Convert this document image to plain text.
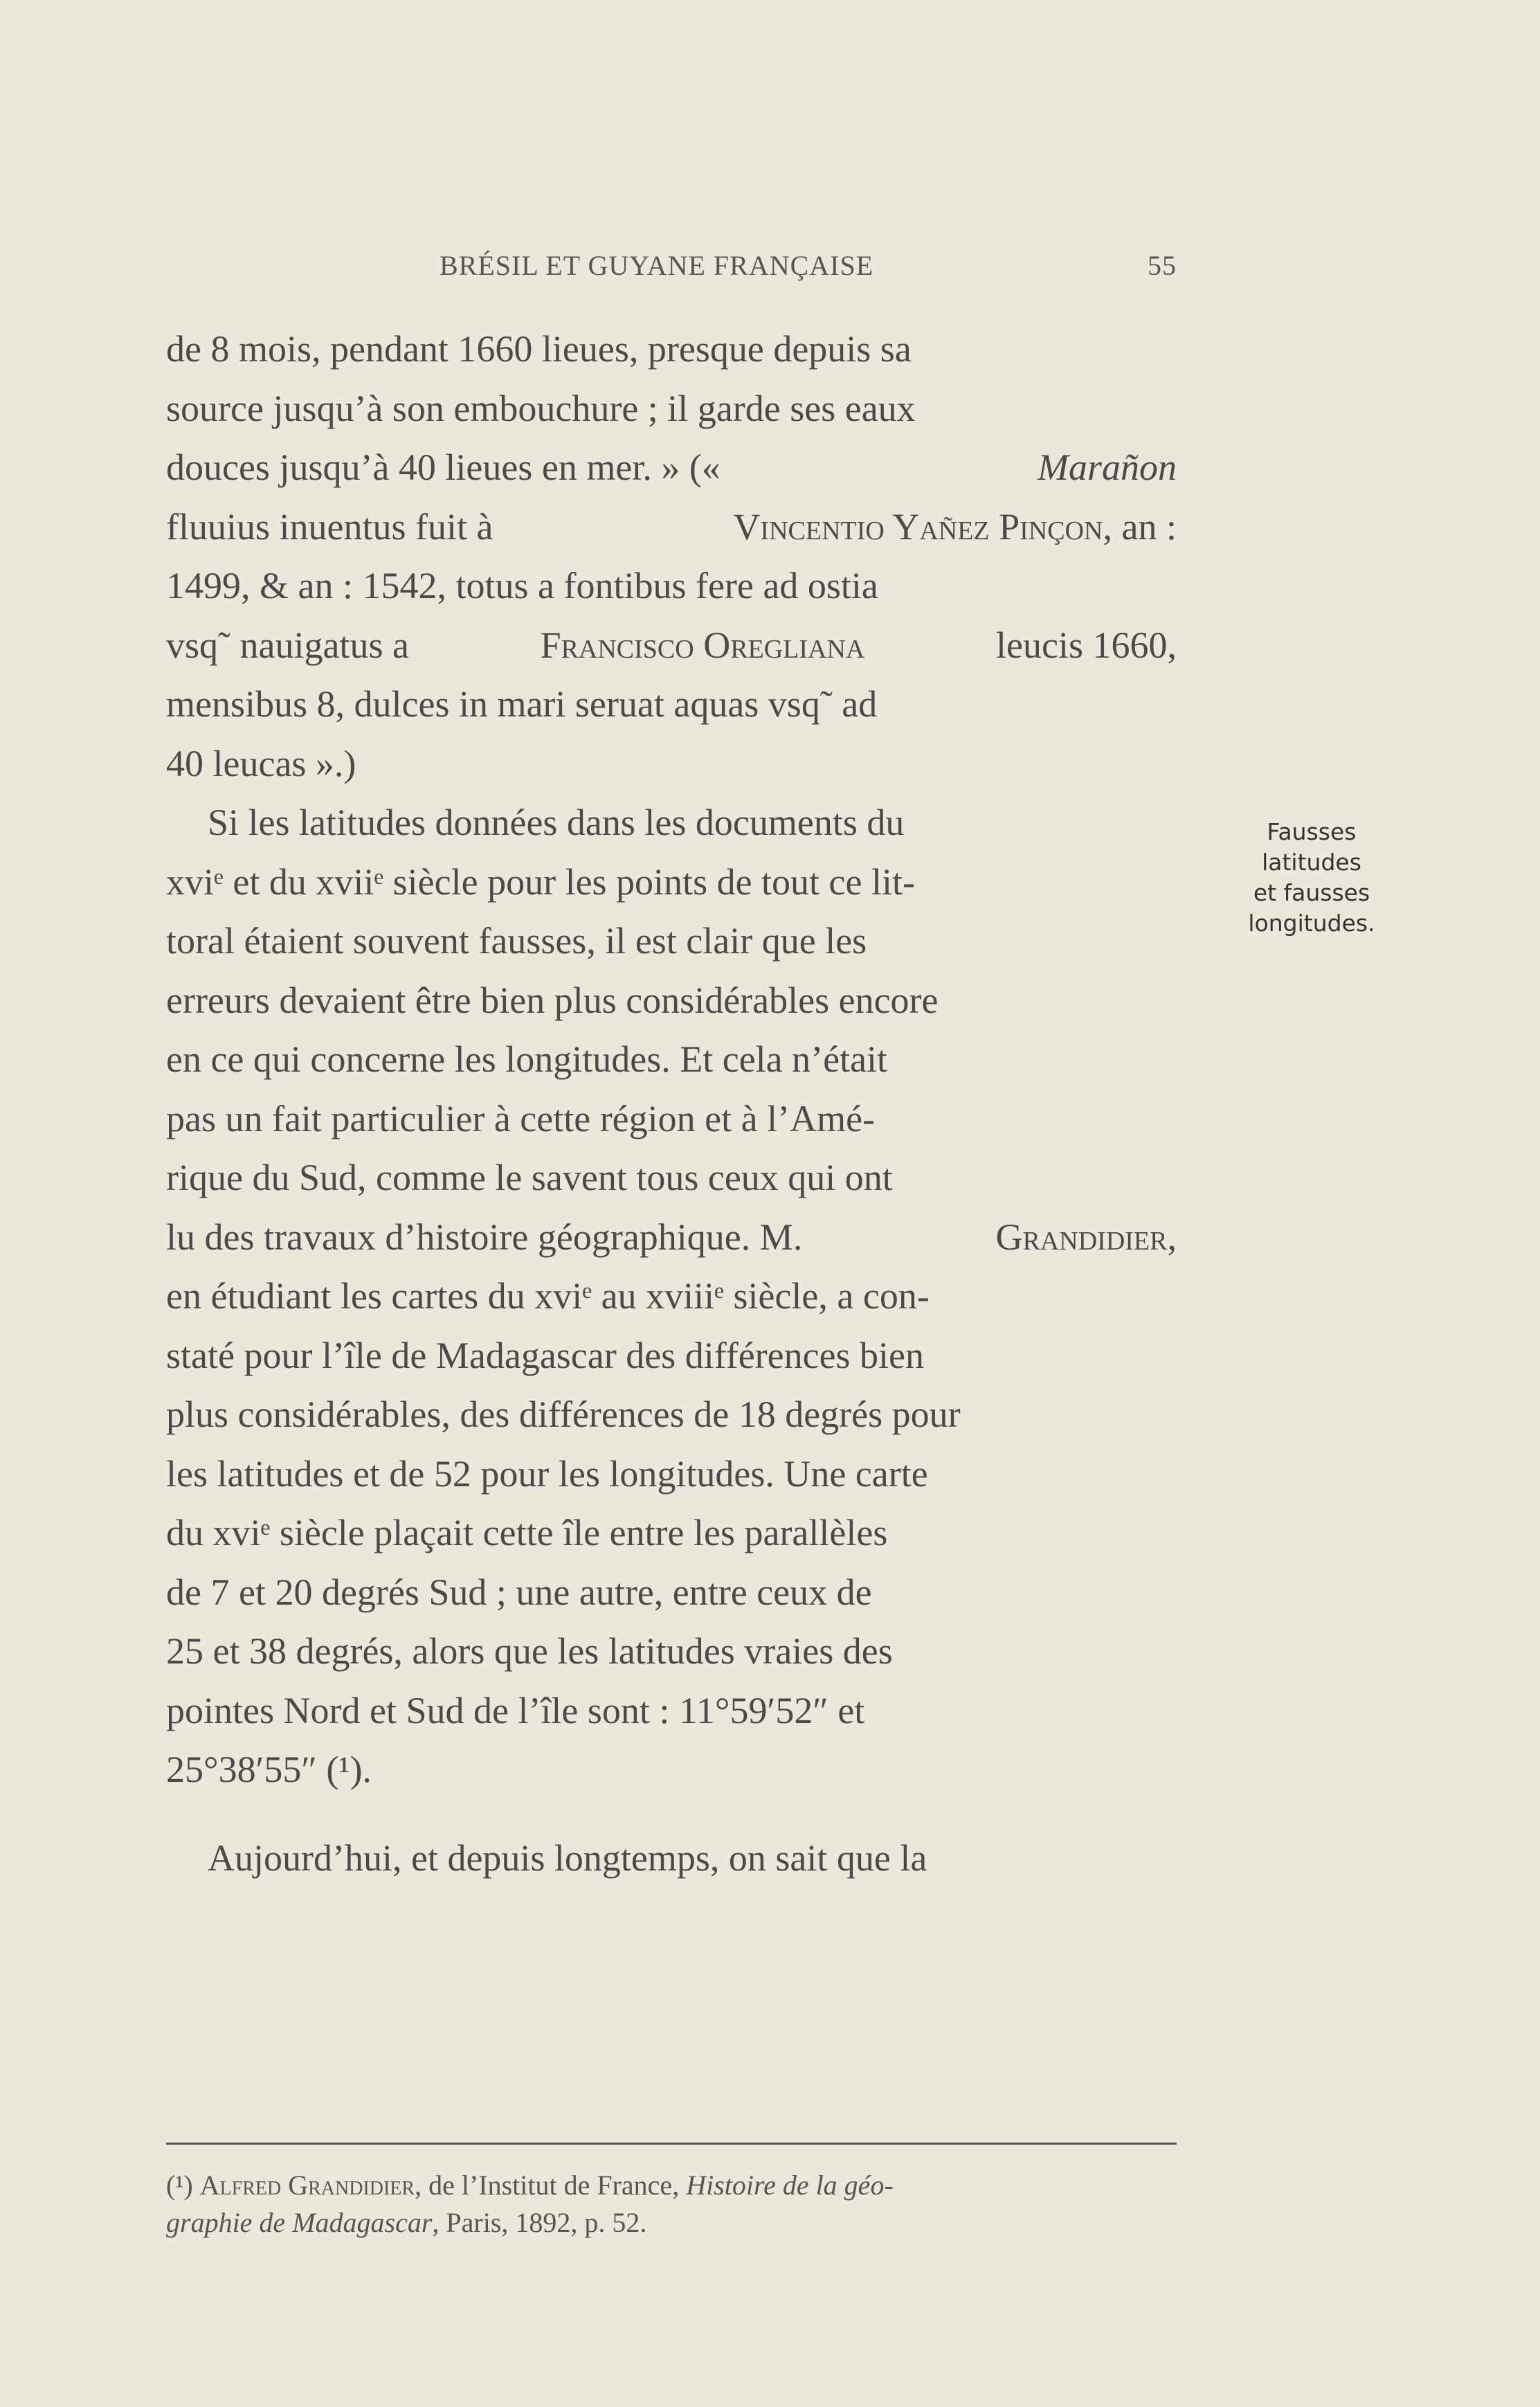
BRÉSIL ET GUYANE FRANÇAISE	55
de 8 mois, pendant 1660 lieues, presque depuis sa
source jusqu’à son embouchure ; il garde ses eaux
douces jusqu’à 40 lieues en mer. » («	Marañon
fluuius inuentus fuit à	Vincentio Yañez Pinçon, an :
1499, & an : 1542, totus a fontibus fere ad ostia
vsq˜ nauigatus a	Francisco Oregliana	leucis 1660,
mensibus 8, dulces in mari seruat aquas vsq˜ ad
40 leucas ».)
Si les latitudes données dans les documents du
xviᵉ et du xviiᵉ siècle pour les points de tout ce lit-
toral étaient souvent fausses, il est clair que les
erreurs devaient être bien plus considérables encore
en ce qui concerne les longitudes. Et cela n’était
pas un fait particulier à cette région et à l’Amé-
rique du Sud, comme le savent tous ceux qui ont
lu des travaux d’histoire géographique. M.	Grandidier,
en étudiant les cartes du xviᵉ au xviiiᵉ siècle, a con-
staté pour l’île de Madagascar des différences bien
plus considérables, des différences de 18 degrés pour
les latitudes et de 52 pour les longitudes. Une carte
du xviᵉ siècle plaçait cette île entre les parallèles
de 7 et 20 degrés Sud ; une autre, entre ceux de
25 et 38 degrés, alors que les latitudes vraies des
pointes Nord et Sud de l’île sont : 11°59′52″ et
25°38′55″ (¹).
Aujourd’hui, et depuis longtemps, on sait que la
Fausses
latitudes
et fausses
longitudes.
(¹) Alfred Grandidier, de l’Institut de France, Histoire de la géo-
graphie de Madagascar, Paris, 1892, p. 52.
